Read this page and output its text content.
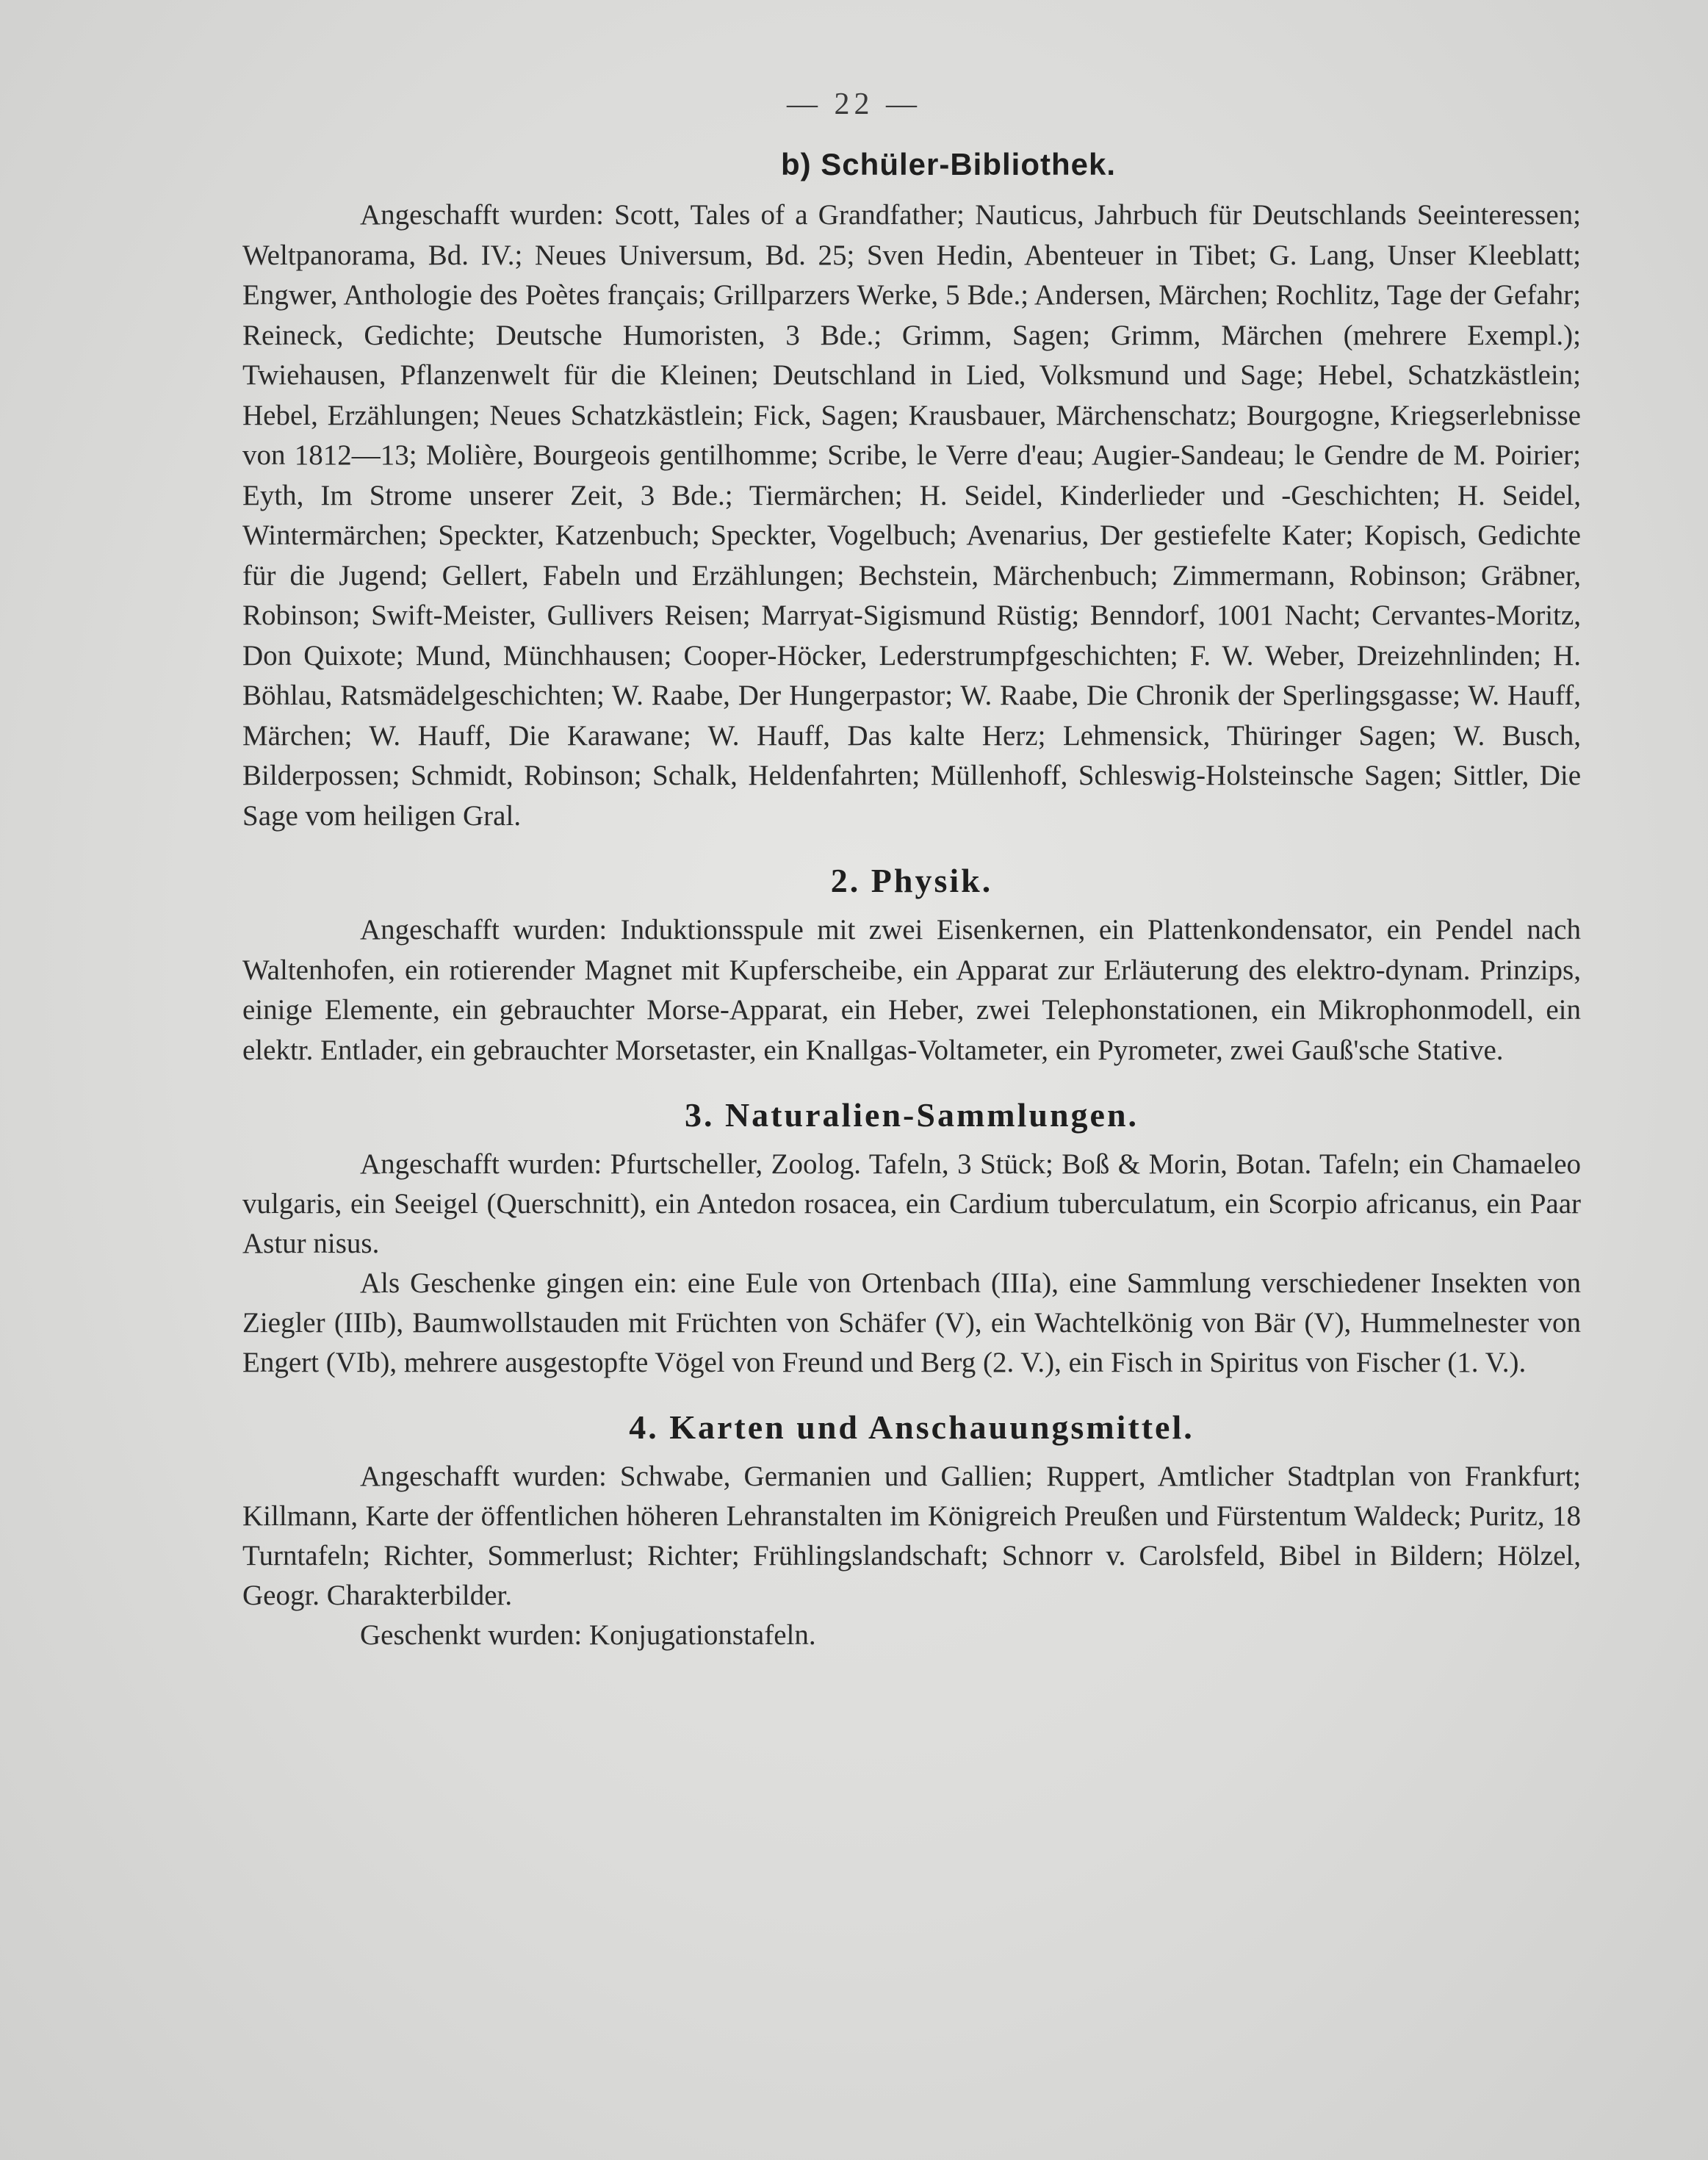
— 22 —
b) Schüler-Bibliothek.

Angeschafft wurden: Scott, Tales of a Grandfather; Nauticus, Jahrbuch für Deutschlands Seeinteressen; Weltpanorama, Bd. IV.; Neues Universum, Bd. 25; Sven Hedin, Abenteuer in Tibet; G. Lang, Unser Kleeblatt; Engwer, Anthologie des Poètes français; Grillparzers Werke, 5 Bde.; Andersen, Märchen; Rochlitz, Tage der Gefahr; Reineck, Gedichte; Deutsche Humoristen, 3 Bde.; Grimm, Sagen; Grimm, Märchen (mehrere Exempl.); Twiehausen, Pflanzenwelt für die Kleinen; Deutschland in Lied, Volksmund und Sage; Hebel, Schatzkästlein; Hebel, Erzählungen; Neues Schatzkästlein; Fick, Sagen; Krausbauer, Märchenschatz; Bourgogne, Kriegserlebnisse von 1812—13; Molière, Bourgeois gentilhomme; Scribe, le Verre d'eau; Augier-Sandeau; le Gendre de M. Poirier; Eyth, Im Strome unserer Zeit, 3 Bde.; Tiermärchen; H. Seidel, Kinderlieder und -Geschichten; H. Seidel, Wintermärchen; Speckter, Katzenbuch; Speckter, Vogelbuch; Avenarius, Der gestiefelte Kater; Kopisch, Gedichte für die Jugend; Gellert, Fabeln und Erzählungen; Bechstein, Märchenbuch; Zimmermann, Robinson; Gräbner, Robinson; Swift-Meister, Gullivers Reisen; Marryat-Sigismund Rüstig; Benndorf, 1001 Nacht; Cervantes-Moritz, Don Quixote; Mund, Münchhausen; Cooper-Höcker, Lederstrumpfgeschichten; F. W. Weber, Dreizehnlinden; H. Böhlau, Ratsmädelgeschichten; W. Raabe, Der Hungerpastor; W. Raabe, Die Chronik der Sperlingsgasse; W. Hauff, Märchen; W. Hauff, Die Karawane; W. Hauff, Das kalte Herz; Lehmensick, Thüringer Sagen; W. Busch, Bilderpossen; Schmidt, Robinson; Schalk, Heldenfahrten; Müllenhoff, Schleswig-Holsteinsche Sagen; Sittler, Die Sage vom heiligen Gral.

2. Physik.

Angeschafft wurden: Induktionsspule mit zwei Eisenkernen, ein Plattenkondensator, ein Pendel nach Waltenhofen, ein rotierender Magnet mit Kupferscheibe, ein Apparat zur Erläuterung des elektro-dynam. Prinzips, einige Elemente, ein gebrauchter Morse-Apparat, ein Heber, zwei Telephonstationen, ein Mikrophonmodell, ein elektr. Entlader, ein gebrauchter Morsetaster, ein Knallgas-Voltameter, ein Pyrometer, zwei Gauß'sche Stative.

3. Naturalien-Sammlungen.

Angeschafft wurden: Pfurtscheller, Zoolog. Tafeln, 3 Stück; Boß & Morin, Botan. Tafeln; ein Chamaeleo vulgaris, ein Seeigel (Querschnitt), ein Antedon rosacea, ein Cardium tuberculatum, ein Scorpio africanus, ein Paar Astur nisus.

Als Geschenke gingen ein: eine Eule von Ortenbach (IIIa), eine Sammlung verschiedener Insekten von Ziegler (IIIb), Baumwollstauden mit Früchten von Schäfer (V), ein Wachtelkönig von Bär (V), Hummelnester von Engert (VIb), mehrere ausgestopfte Vögel von Freund und Berg (2. V.), ein Fisch in Spiritus von Fischer (1. V.).

4. Karten und Anschauungsmittel.

Angeschafft wurden: Schwabe, Germanien und Gallien; Ruppert, Amtlicher Stadtplan von Frankfurt; Killmann, Karte der öffentlichen höheren Lehranstalten im Königreich Preußen und Fürstentum Waldeck; Puritz, 18 Turntafeln; Richter, Sommerlust; Richter; Frühlingslandschaft; Schnorr v. Carolsfeld, Bibel in Bildern; Hölzel, Geogr. Charakterbilder.

Geschenkt wurden: Konjugationstafeln.
